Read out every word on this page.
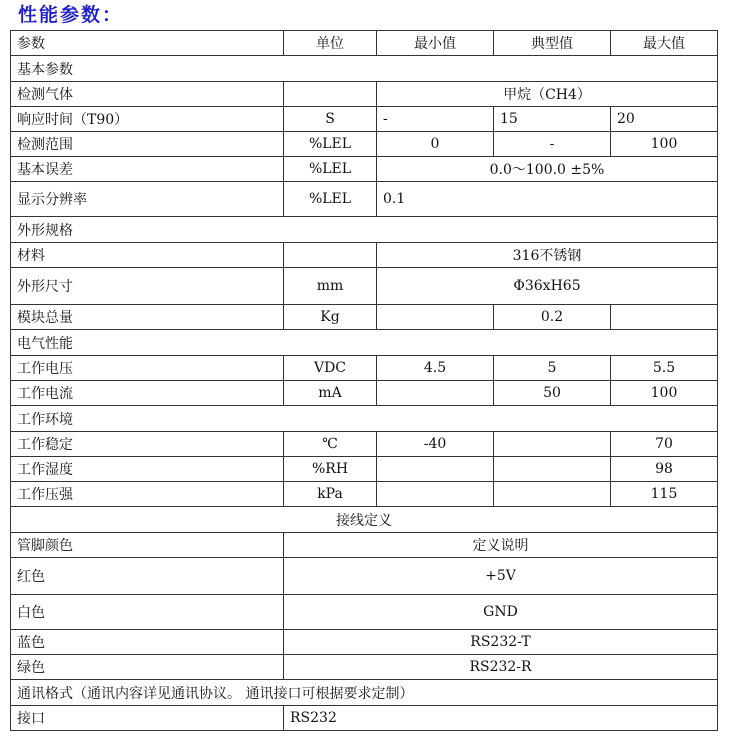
性能参数：
参数	单位	最小值	典型值	最大值
基本参数				
检测气体		甲烷（CH4）		
响应时间（T90）	S	-	15	20
检测范围	%LEL	0	-	100
基本误差	%LEL	0.0～100.0 ±5%		
显示分辨率	%LEL	0.1		
外形规格				
材料		316不锈钢		
外形尺寸	mm	Φ36xH65		
模块总量	Kg		0.2	
电气性能				
工作电压	VDC	4.5	5	5.5
工作电流	mA		50	100
工作环境				
工作稳定	℃	-40		70
工作湿度	%RH			98
工作压强	kPa			115
接线定义				
管脚颜色	定义说明			
红色	+5V			
白色	GND			
蓝色	RS232-T			
绿色	RS232-R			
通讯格式（通讯内容详见通讯协议。 通讯接口可根据要求定制）				
接口	RS232			
